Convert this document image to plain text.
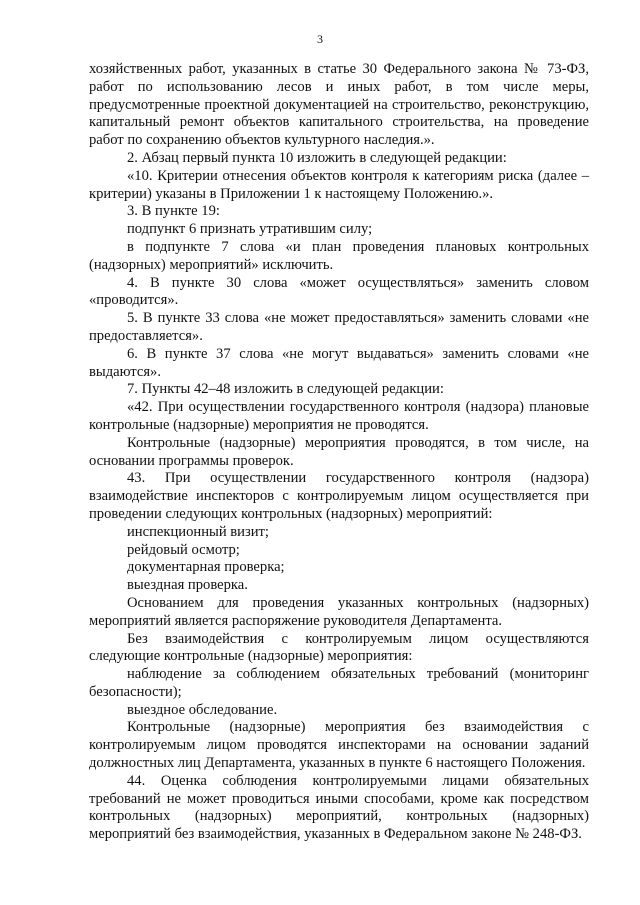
3

хозяйственных работ, указанных в статье 30 Федерального закона № 73-ФЗ, работ по использованию лесов и иных работ, в том числе меры, предусмотренные проектной документацией на строительство, реконструкцию, капитальный ремонт объектов капитального строительства, на проведение работ по сохранению объектов культурного наследия.».

2. Абзац первый пункта 10 изложить в следующей редакции:

«10. Критерии отнесения объектов контроля к категориям риска (далее – критерии) указаны в Приложении 1 к настоящему Положению.».

3. В пункте 19:

подпункт 6 признать утратившим силу;

в подпункте 7 слова «и план проведения плановых контрольных (надзорных) мероприятий» исключить.

4. В пункте 30 слова «может осуществляться» заменить словом «проводится».

5. В пункте 33 слова «не может предоставляться» заменить словами «не предоставляется».

6. В пункте 37 слова «не могут выдаваться» заменить словами «не выдаются».

7. Пункты 42–48 изложить в следующей редакции:

«42. При осуществлении государственного контроля (надзора) плановые контрольные (надзорные) мероприятия не проводятся.

Контрольные (надзорные) мероприятия проводятся, в том числе, на основании программы проверок.

43. При осуществлении государственного контроля (надзора) взаимодействие инспекторов с контролируемым лицом осуществляется при проведении следующих контрольных (надзорных) мероприятий:

инспекционный визит;

рейдовый осмотр;

документарная проверка;

выездная проверка.

Основанием для проведения указанных контрольных (надзорных) мероприятий является распоряжение руководителя Департамента.

Без взаимодействия с контролируемым лицом осуществляются следующие контрольные (надзорные) мероприятия:

наблюдение за соблюдением обязательных требований (мониторинг безопасности);

выездное обследование.

Контрольные (надзорные) мероприятия без взаимодействия с контролируемым лицом проводятся инспекторами на основании заданий должностных лиц Департамента, указанных в пункте 6 настоящего Положения.

44. Оценка соблюдения контролируемыми лицами обязательных требований не может проводиться иными способами, кроме как посредством контрольных (надзорных) мероприятий, контрольных (надзорных) мероприятий без взаимодействия, указанных в Федеральном законе № 248-ФЗ.
